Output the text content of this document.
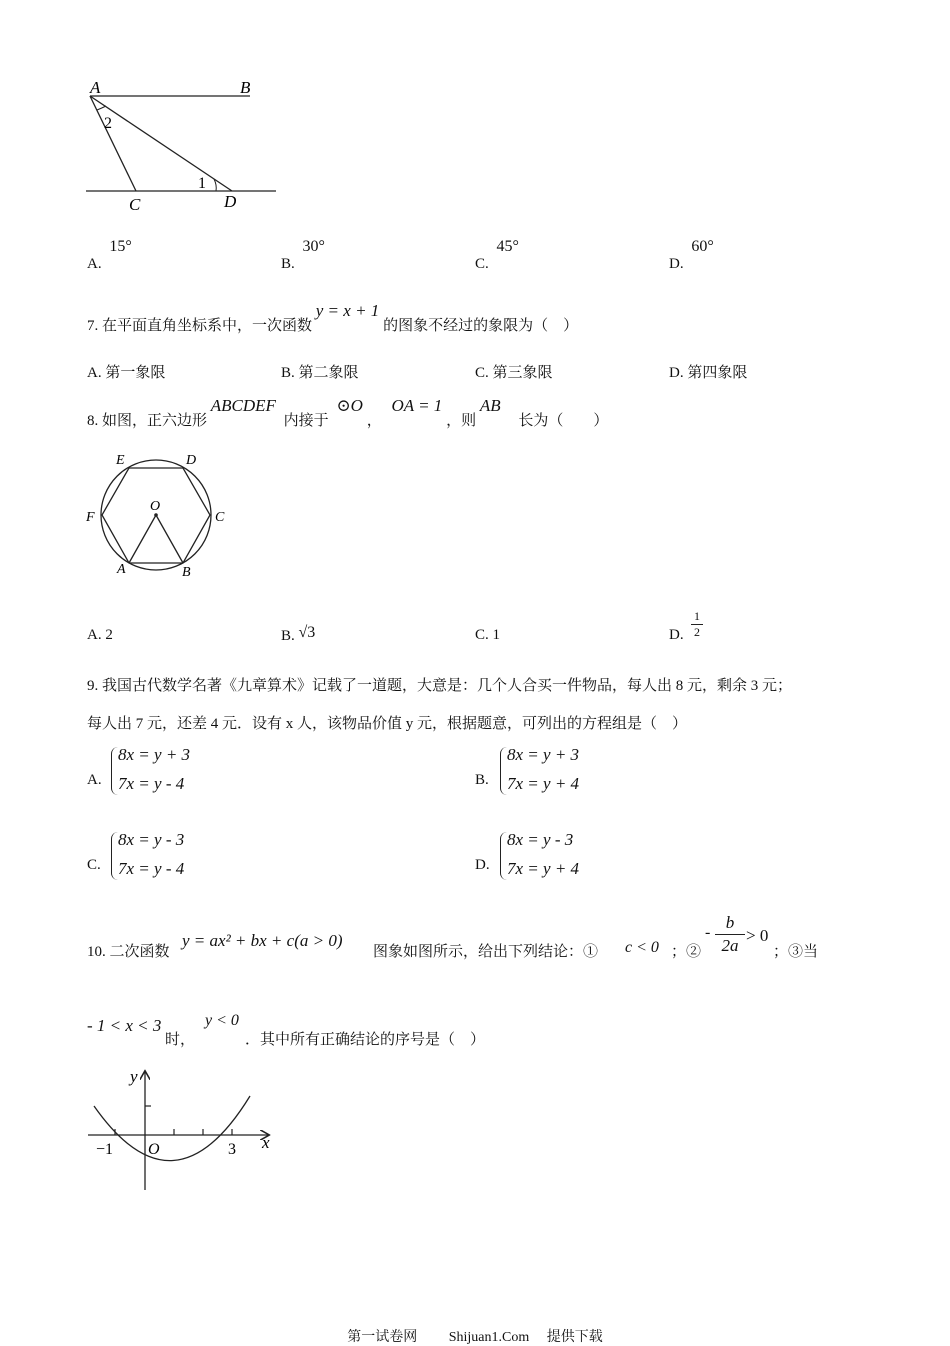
A	B
2
1
C	D
A. 15°
B. 30°
C. 45°
D. 60°
7. 在平面直角坐标系中，一次函数 y = x + 1 的图象不经过的象限为（　）
A. 第一象限	B. 第二象限	C. 第三象限	D. 第四象限
8. 如图，正六边形 ABCDEF 内接于 ⊙O ， OA = 1 ，则 AB 长为（　　）
E	D
F	C
O
A	B
A. 2	B. √3	C. 1	D.
1
2
9. 我国古代数学名著《九章算术》记载了一道题，大意是：几个人合买一件物品，每人出 8 元，剩余 3 元；
每人出 7 元，还差 4 元．设有 x 人，该物品价值 y 元，根据题意，可列出的方程组是（　）
A.
8x = y + 3
7x = y - 4	B.
8x = y + 3
7x = y + 4
C.
8x = y - 3
7x = y - 4	D.
8x = y - 3
7x = y + 4
10. 二次函数
y = ax² + bx + c(a > 0)
图象如图所示，给出下列结论：① c < 0 ；②
-
b
2a
> 0
；③当
- 1 < x < 3
时，
y < 0
．其中所有正确结论的序号是（　）
y
x
O
−1	3
第一试卷网 Shijuan1.Com 提供下载
